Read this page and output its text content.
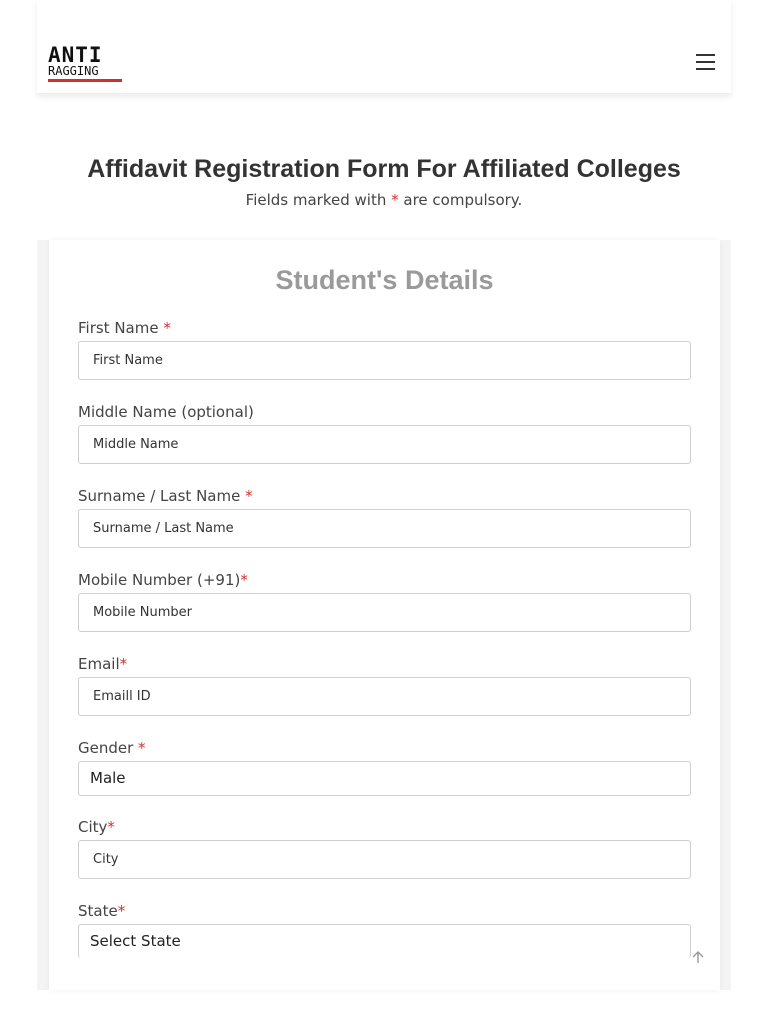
ANTI
RAGGING
Affidavit Registration Form For Affiliated Colleges

Fields marked with * are compulsory.

Student's Details
First Name *
First Name
Middle Name (optional)
Middle Name
Surname / Last Name *
Surname / Last Name
Mobile Number (+91)*
Mobile Number
Email*
Emaill ID
Gender *
Male
City*
City
State*
Select State
